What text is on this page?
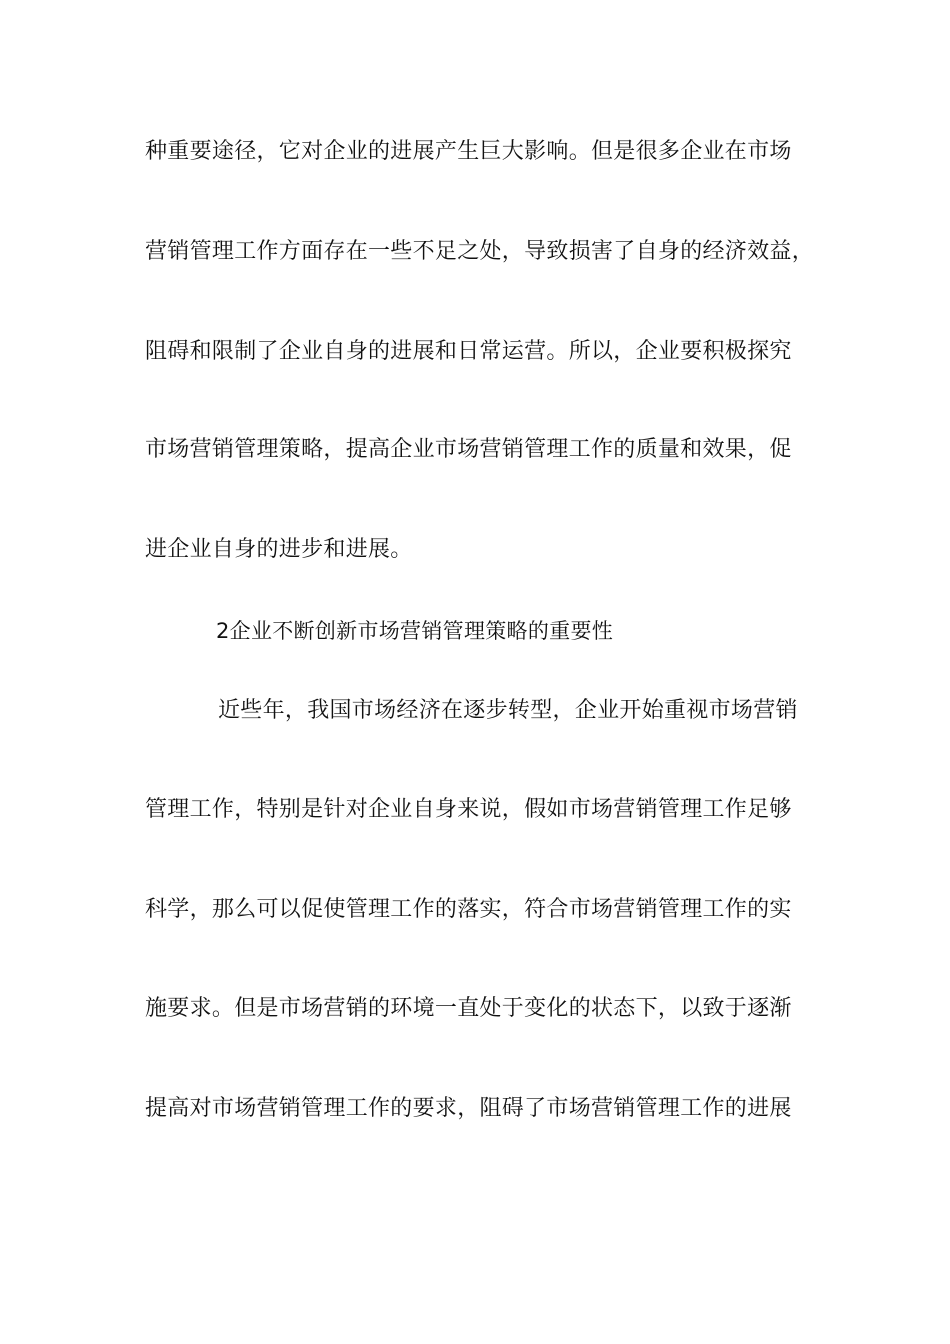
种重要途径，它对企业的进展产生巨大影响。但是很多企业在市场
营销管理工作方面存在一些不足之处，导致损害了自身的经济效益，
阻碍和限制了企业自身的进展和日常运营。所以，企业要积极探究
市场营销管理策略，提高企业市场营销管理工作的质量和效果，促
进企业自身的进步和进展。
2企业不断创新市场营销管理策略的重要性
近些年，我国市场经济在逐步转型，企业开始重视市场营销
管理工作，特别是针对企业自身来说，假如市场营销管理工作足够
科学，那么可以促使管理工作的落实，符合市场营销管理工作的实
施要求。但是市场营销的环境一直处于变化的状态下，以致于逐渐
提高对市场营销管理工作的要求，阻碍了市场营销管理工作的进展
